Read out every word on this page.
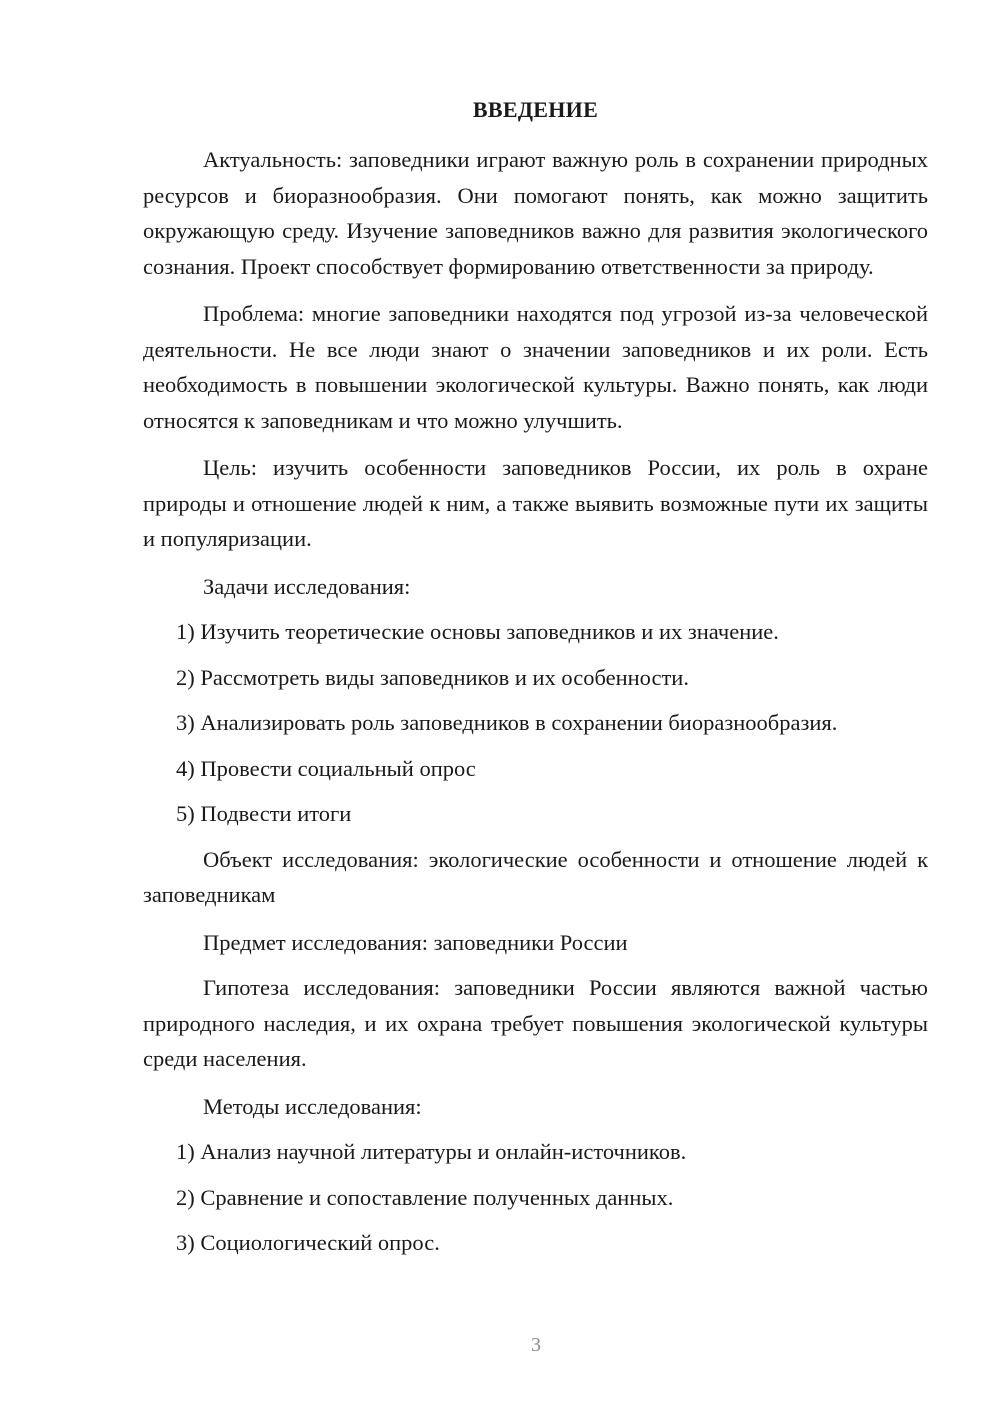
ВВЕДЕНИЕ

Актуальность: заповедники играют важную роль в сохранении природных ресурсов и биоразнообразия. Они помогают понять, как можно защитить окружающую среду. Изучение заповедников важно для развития экологического сознания. Проект способствует формированию ответственности за природу.

Проблема: многие заповедники находятся под угрозой из-за человеческой деятельности. Не все люди знают о значении заповедников и их роли. Есть необходимость в повышении экологической культуры. Важно понять, как люди относятся к заповедникам и что можно улучшить.

Цель: изучить особенности заповедников России, их роль в охране природы и отношение людей к ним, а также выявить возможные пути их защиты и популяризации.

Задачи исследования:
1) Изучить теоретические основы заповедников и их значение.
2) Рассмотреть виды заповедников и их особенности.
3) Анализировать роль заповедников в сохранении биоразнообразия.
4) Провести социальный опрос
5) Подвести итоги

Объект исследования: экологические особенности и отношение людей к заповедникам

Предмет исследования: заповедники России

Гипотеза исследования: заповедники России являются важной частью природного наследия, и их охрана требует повышения экологической культуры среди населения.

Методы исследования:
1) Анализ научной литературы и онлайн-источников.
2) Сравнение и сопоставление полученных данных.
3) Социологический опрос.
3
